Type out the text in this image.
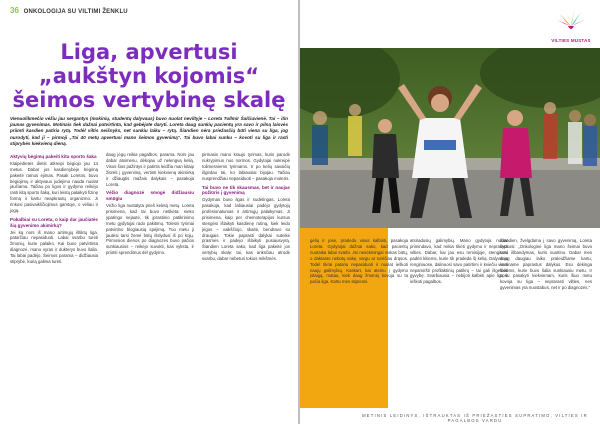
36 ONKOLOGIJA SU VILTIMI ŽENKLU
Liga, apvertusi
„aukštyn kojomis“
šeimos vertybinę skalę

Vienuolikmečio vėžiu jau sergantys (mokinių, studentų dalyvaus) buvo nuolat neviltyje – Loreta Tollmir Šalčiuvienė. Tai – itin jaunas gyvenimas. Motinais tiek dažnai patvirtinta, kad gebėjote daryti. Loreta daug sunkių pacientų yra savo ir pilną laisvės priimti kasdien patiria rytą. Todėl viltis neišnyks, net sunkiu laiku – rytą. Šiandien nėra priežasčių būti viena su liga, jog nurodyti, kad ji – pirmoji „Tai 40 metų apvertusi mano šeimos gyvenimą“. Tai buvo labai sunku – kovoti su liga ir rasti stiprybės kiekvieną dieną.

Aktyvių bėgimų pakeiti kitu sporto šaka

Klaipėdietės dietis atkreipi bėgiojo jau 14 metus. Dabar jos kasdienybėje bėgimą pakeitė ramus ėjimas. Pasak Loretos, buvo bėgiojimų ir aktyvaus judėjimo nauda nuolat jaučiama. Tačiau po ligos ir gydymo reikėjo rasti kitą sporto šaką, kuri leistų palaikyti fizinę formą ir kartu neapkrautų organizmo. Ji rinkosi pasivaikščiojimus gamtoje, o vėliau ir jogą.

Pokalbiai su Loreta, o kaip dar jaučiatės šią gyvenimo akimirką?

Jei ką nors iš mano artimųjų ištiktų liga, patarčiau nepasiduoti. Labai svarbu turėti žmonių, kurie palaiko. Kai buvo patvirtinta diagnozė, mano vyras ir dukterys buvo šalia. Tai labai padėjo. Šeimos parama – didžiausia stiprybė, kurią galima turėti.

daug jėgų reikia pagalbos, parama. Nors jau dabar atsimenu, dėkojau už nelengvą kelią. Visos šios pažintys ir patirtis leidžia man kitaip žiūrėti į gyvenimą, vertinti kiekvieną akimirką ir džiaugtis mažais dalykais – pasakoja Loreta.

Vėžio diagnozė smogė didžiausiu smūgiu

Vėžio liga nustatyta prieš keletą metų. Loreta prisimena, kad tai buvo netikėta: nieko ypatingo nejautė, tik įprastinio patikrinimo metu gydytojai rado pakitimų. Tolesni tyrimai patvirtino blogiausią spėjimą. Tuo metu ji jautėsi tarsi žemė būtų išslydusi iš po kojų. Pirmosios dienos po diagnozės buvo pačios sunkiausios – reikėjo suvokti, kas vyksta, ir priimti sprendimus dėl gydymo.

pirmasis mano kraujo tyrimas, kuris parodė nukrypimus nuo normos. Gydytojai nukreipė tolimesniems tyrimams. Ir po kelių savaičių išgirdau tai, ko labiausiai bijojau. Tačiau nusprendžiau nepasiduoti – pasakoja moteris.

Tai buvo ne tik skausmas, bet ir naujas požiūris į gyvenimą

Gydymas buvo ilgas ir sudėtingas. Loreta pasakoja, kad labiausiai padėjo gydytojų profesionalumas ir artimųjų palaikymas. Ji prisimena, kaip per chemoterapijos kursus stengėsi išlaikyti kasdienę rutiną, kiek leido jėgos – vaikščiojo, skaitė, bendravo su draugais. Tokie paprasti dalykai suteikė prasmės ir padėjo išlaikyti pusiausvyrą. Šiandien Loreta sako, kad liga pakeitė jos vertybių skalę: tai, kas anksčiau atrodė svarbu, dabar nebeturi tokios reikšmės.

VILTIES MUSTAS

gėlių ir jose, pradedu visus kalbinti, pasakoja Loreta. Gydytojai dažnai sako, kad pacientų nuotaika labai svarbi. Jei nesėkmingai viskas būtų, o daktaras nebūtų sakę, vargu ar turėčiau drąsos. Todėl tikrai patariu nepasiduoti ir nuolat ieškoti naujų galimybių. Kaskart, kai ateinu į gydymo įstaigą, matau, kiek daug žmonių kovoja su ta pačia liga. Kartu mes stipresni.

atsiradusių galimybių. Mano gydytoja nuolat primindavo, kad reikia tikėti gydymu ir neprarasti vilties. Dabar, kai jau esu remisijoje, stengiuosi padėti kitiems, kurie tik pradeda šį kelią. Dalyvauju renginiuose, dalinuosi savo patirtimi ir kviečiu visus nepamiršti profilaktinių patikrų – tai gali išgelbėti gyvybę. Svarbiausia – nebijoti kalbėti apie ligą ir ieškoti pagalbos.

Šiandien, žvelgdama į savo gyvenimą, Loreta šypsosi: „Onkologinė liga mano šeimai buvo tarsi išbandymas, kuris suartino. Dabar mes daug daugiau laiko praleidžiame kartu, vertiname paprastus dalykus. Esu dėkinga visiems, kurie buvo šalia sunkiausiu metu. Ir noriu pasakyti kiekvienam, kuris šiuo metu kovoja su liga – neprarasti vilties, nes gyvenimas yra nuostabus, net ir po diagnozės.“

METINIS LEIDINYS, IŠTRAUKTAS IŠ PRIEŽASTIES SUPRATIMO, VILTIES IR PAGALBOS VARDU
